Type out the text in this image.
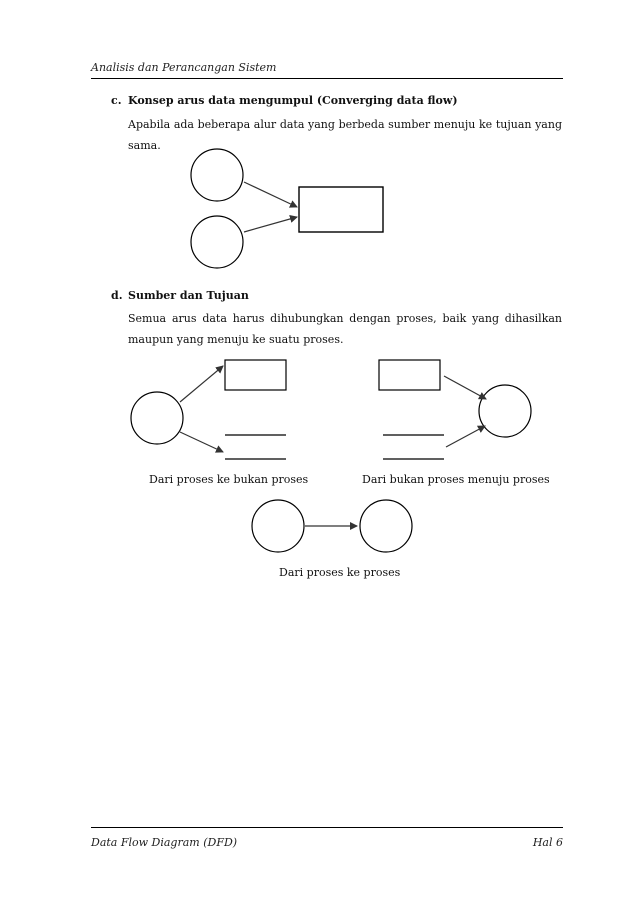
Analisis dan Perancangan Sistem
c. Konsep arus data mengumpul (Converging data flow)
Apabila ada beberapa alur data yang berbeda sumber menuju ke tujuan yang sama.
d. Sumber dan Tujuan
Semua arus data harus dihubungkan dengan proses, baik yang dihasilkan maupun yang menuju ke suatu proses.
Dari proses ke bukan proses	Dari bukan proses menuju proses
Dari proses ke proses
Data Flow Diagram (DFD)	Hal 6
